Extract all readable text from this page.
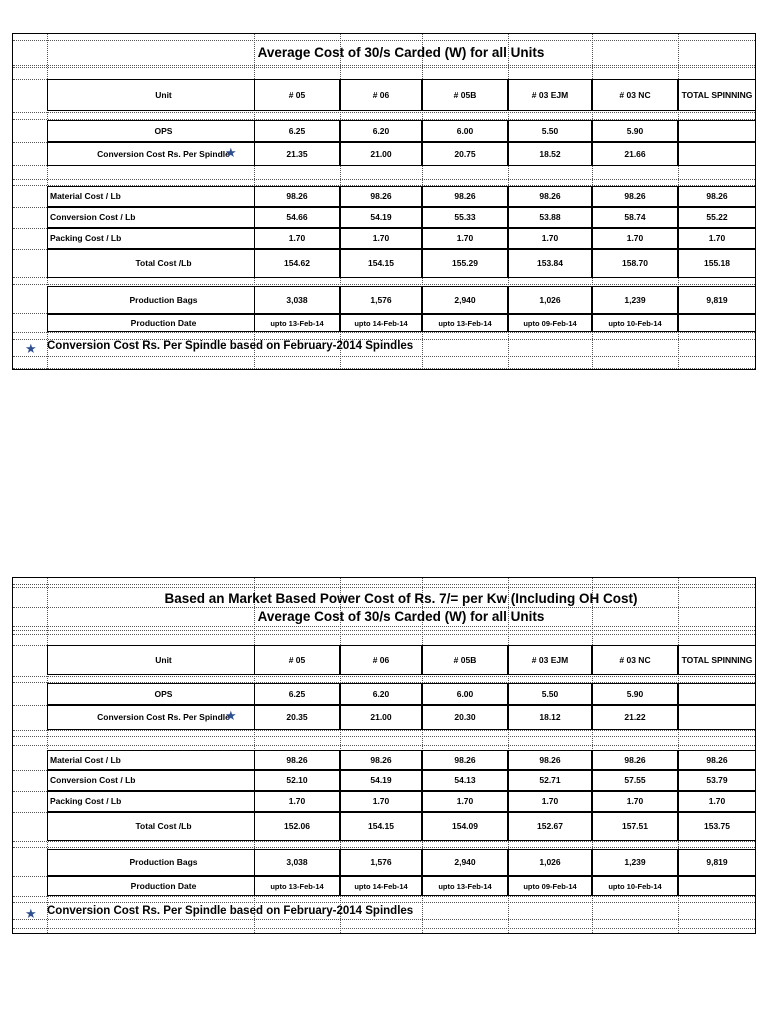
Average Cost of 30/s Carded (W) for all Units
Unit	# 05	# 06	# 05B	# 03 EJM	# 03 NC	TOTAL SPINNING
OPS	6.25	6.20	6.00	5.50	5.90
Conversion Cost Rs. Per Spindle	21.35	21.00	20.75	18.52	21.66
★
Material Cost / Lb	98.26	98.26	98.26	98.26	98.26	98.26
Conversion Cost / Lb	54.66	54.19	55.33	53.88	58.74	55.22
Packing Cost / Lb	1.70	1.70	1.70	1.70	1.70	1.70
Total Cost /Lb	154.62	154.15	155.29	153.84	158.70	155.18
Production Bags	3,038	1,576	2,940	1,026	1,239	9,819
Production Date	upto 13-Feb-14	upto 14-Feb-14	upto 13-Feb-14	upto 09-Feb-14	upto 10-Feb-14
★ Conversion Cost Rs. Per Spindle based on February-2014 Spindles
Based an Market Based Power Cost of Rs. 7/= per Kw (Including OH Cost)
Average Cost of 30/s Carded (W) for all Units
Unit	# 05	# 06	# 05B	# 03 EJM	# 03 NC	TOTAL SPINNING
OPS	6.25	6.20	6.00	5.50	5.90
Conversion Cost Rs. Per Spindle	20.35	21.00	20.30	18.12	21.22
★
Material Cost / Lb	98.26	98.26	98.26	98.26	98.26	98.26
Conversion Cost / Lb	52.10	54.19	54.13	52.71	57.55	53.79
Packing Cost / Lb	1.70	1.70	1.70	1.70	1.70	1.70
Total Cost /Lb	152.06	154.15	154.09	152.67	157.51	153.75
Production Bags	3,038	1,576	2,940	1,026	1,239	9,819
Production Date	upto 13-Feb-14	upto 14-Feb-14	upto 13-Feb-14	upto 09-Feb-14	upto 10-Feb-14
★ Conversion Cost Rs. Per Spindle based on February-2014 Spindles
